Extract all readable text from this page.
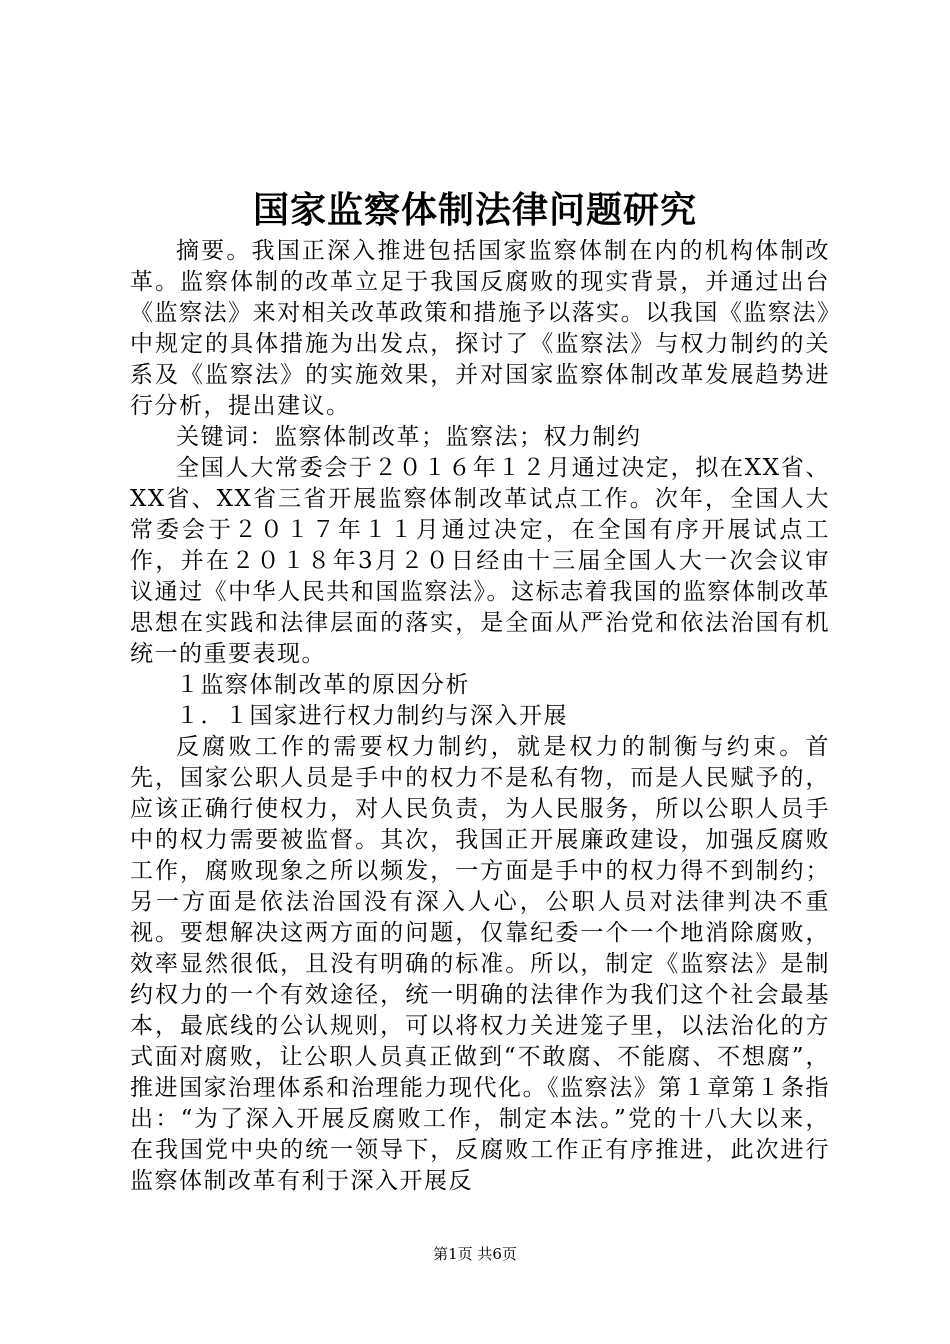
国家监察体制法律问题研究

摘要。我国正深入推进包括国家监察体制在内的机构体制改革。监察体制的改革立足于我国反腐败的现实背景，并通过出台《监察法》来对相关改革政策和措施予以落实。以我国《监察法》中规定的具体措施为出发点，探讨了《监察法》与权力制约的关系及《监察法》的实施效果，并对国家监察体制改革发展趋势进行分析，提出建议。

关键词：监察体制改革；监察法；权力制约

全国人大常委会于２０１６年１２月通过决定，拟在XX省、XX省、XX省三省开展监察体制改革试点工作。次年，全国人大常委会于２０１７年１１月通过决定，在全国有序开展试点工作，并在２０１８年3月２０日经由十三届全国人大一次会议审议通过《中华人民共和国监察法》。这标志着我国的监察体制改革思想在实践和法律层面的落实，是全面从严治党和依法治国有机统一的重要表现。

１监察体制改革的原因分析

１．１国家进行权力制约与深入开展

反腐败工作的需要权力制约，就是权力的制衡与约束。首先，国家公职人员是手中的权力不是私有物，而是人民赋予的，应该正确行使权力，对人民负责，为人民服务，所以公职人员手中的权力需要被监督。其次，我国正开展廉政建设，加强反腐败工作，腐败现象之所以频发，一方面是手中的权力得不到制约；另一方面是依法治国没有深入人心，公职人员对法律判决不重视。要想解决这两方面的问题，仅靠纪委一个一个地消除腐败，效率显然很低，且没有明确的标准。所以，制定《监察法》是制约权力的一个有效途径，统一明确的法律作为我们这个社会最基本，最底线的公认规则，可以将权力关进笼子里，以法治化的方式面对腐败，让公职人员真正做到“不敢腐、不能腐、不想腐”，推进国家治理体系和治理能力现代化。《监察法》第１章第１条指出：“为了深入开展反腐败工作，制定本法。”党的十八大以来，在我国党中央的统一领导下，反腐败工作正有序推进，此次进行监察体制改革有利于深入开展反

第1页 共6页
